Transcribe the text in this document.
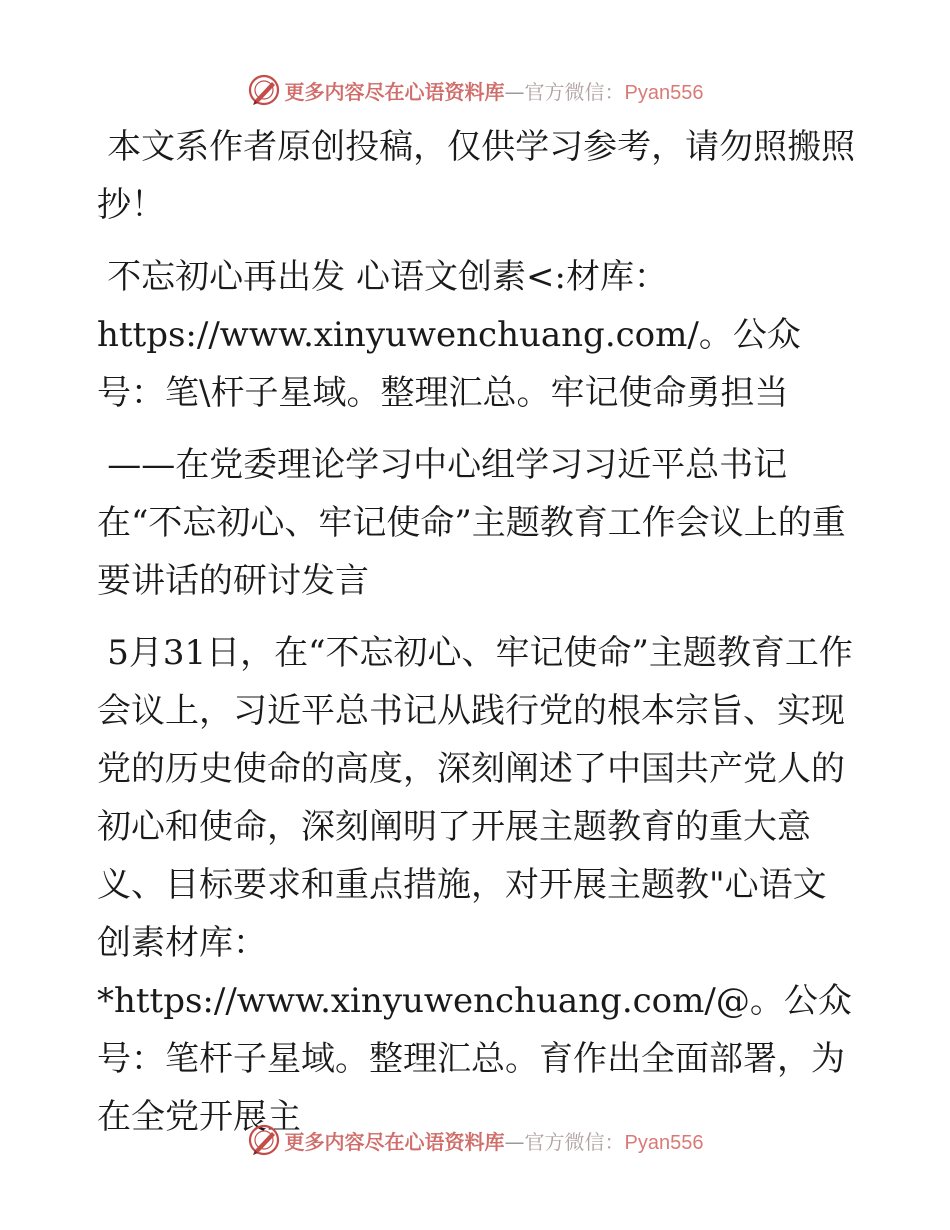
更多内容尽在心语资料库—官方微信：Pyan556

本文系作者原创投稿，仅供学习参考，请勿照搬照抄！

不忘初心再出发 心语文创素<:材库：https://www.xinyuwenchuang.com/。公众号：笔\杆子星域。整理汇总。牢记使命勇担当

——在党委理论学习中心组学习习近平总书记在“不忘初心、牢记使命”主题教育工作会议上的重要讲话的研讨发言

5月31日，在“不忘初心、牢记使命”主题教育工作会议上，习近平总书记从践行党的根本宗旨、实现党的历史使命的高度，深刻阐述了中国共产党人的初心和使命，深刻阐明了开展主题教育的重大意义、目标要求和重点措施，对开展主题教"心语文创素材库：*https://www.xinyuwenchuang.com/@。公众号：笔杆子星域。整理汇总。育作出全面部署，为在全党开展主

更多内容尽在心语资料库—官方微信：Pyan556
